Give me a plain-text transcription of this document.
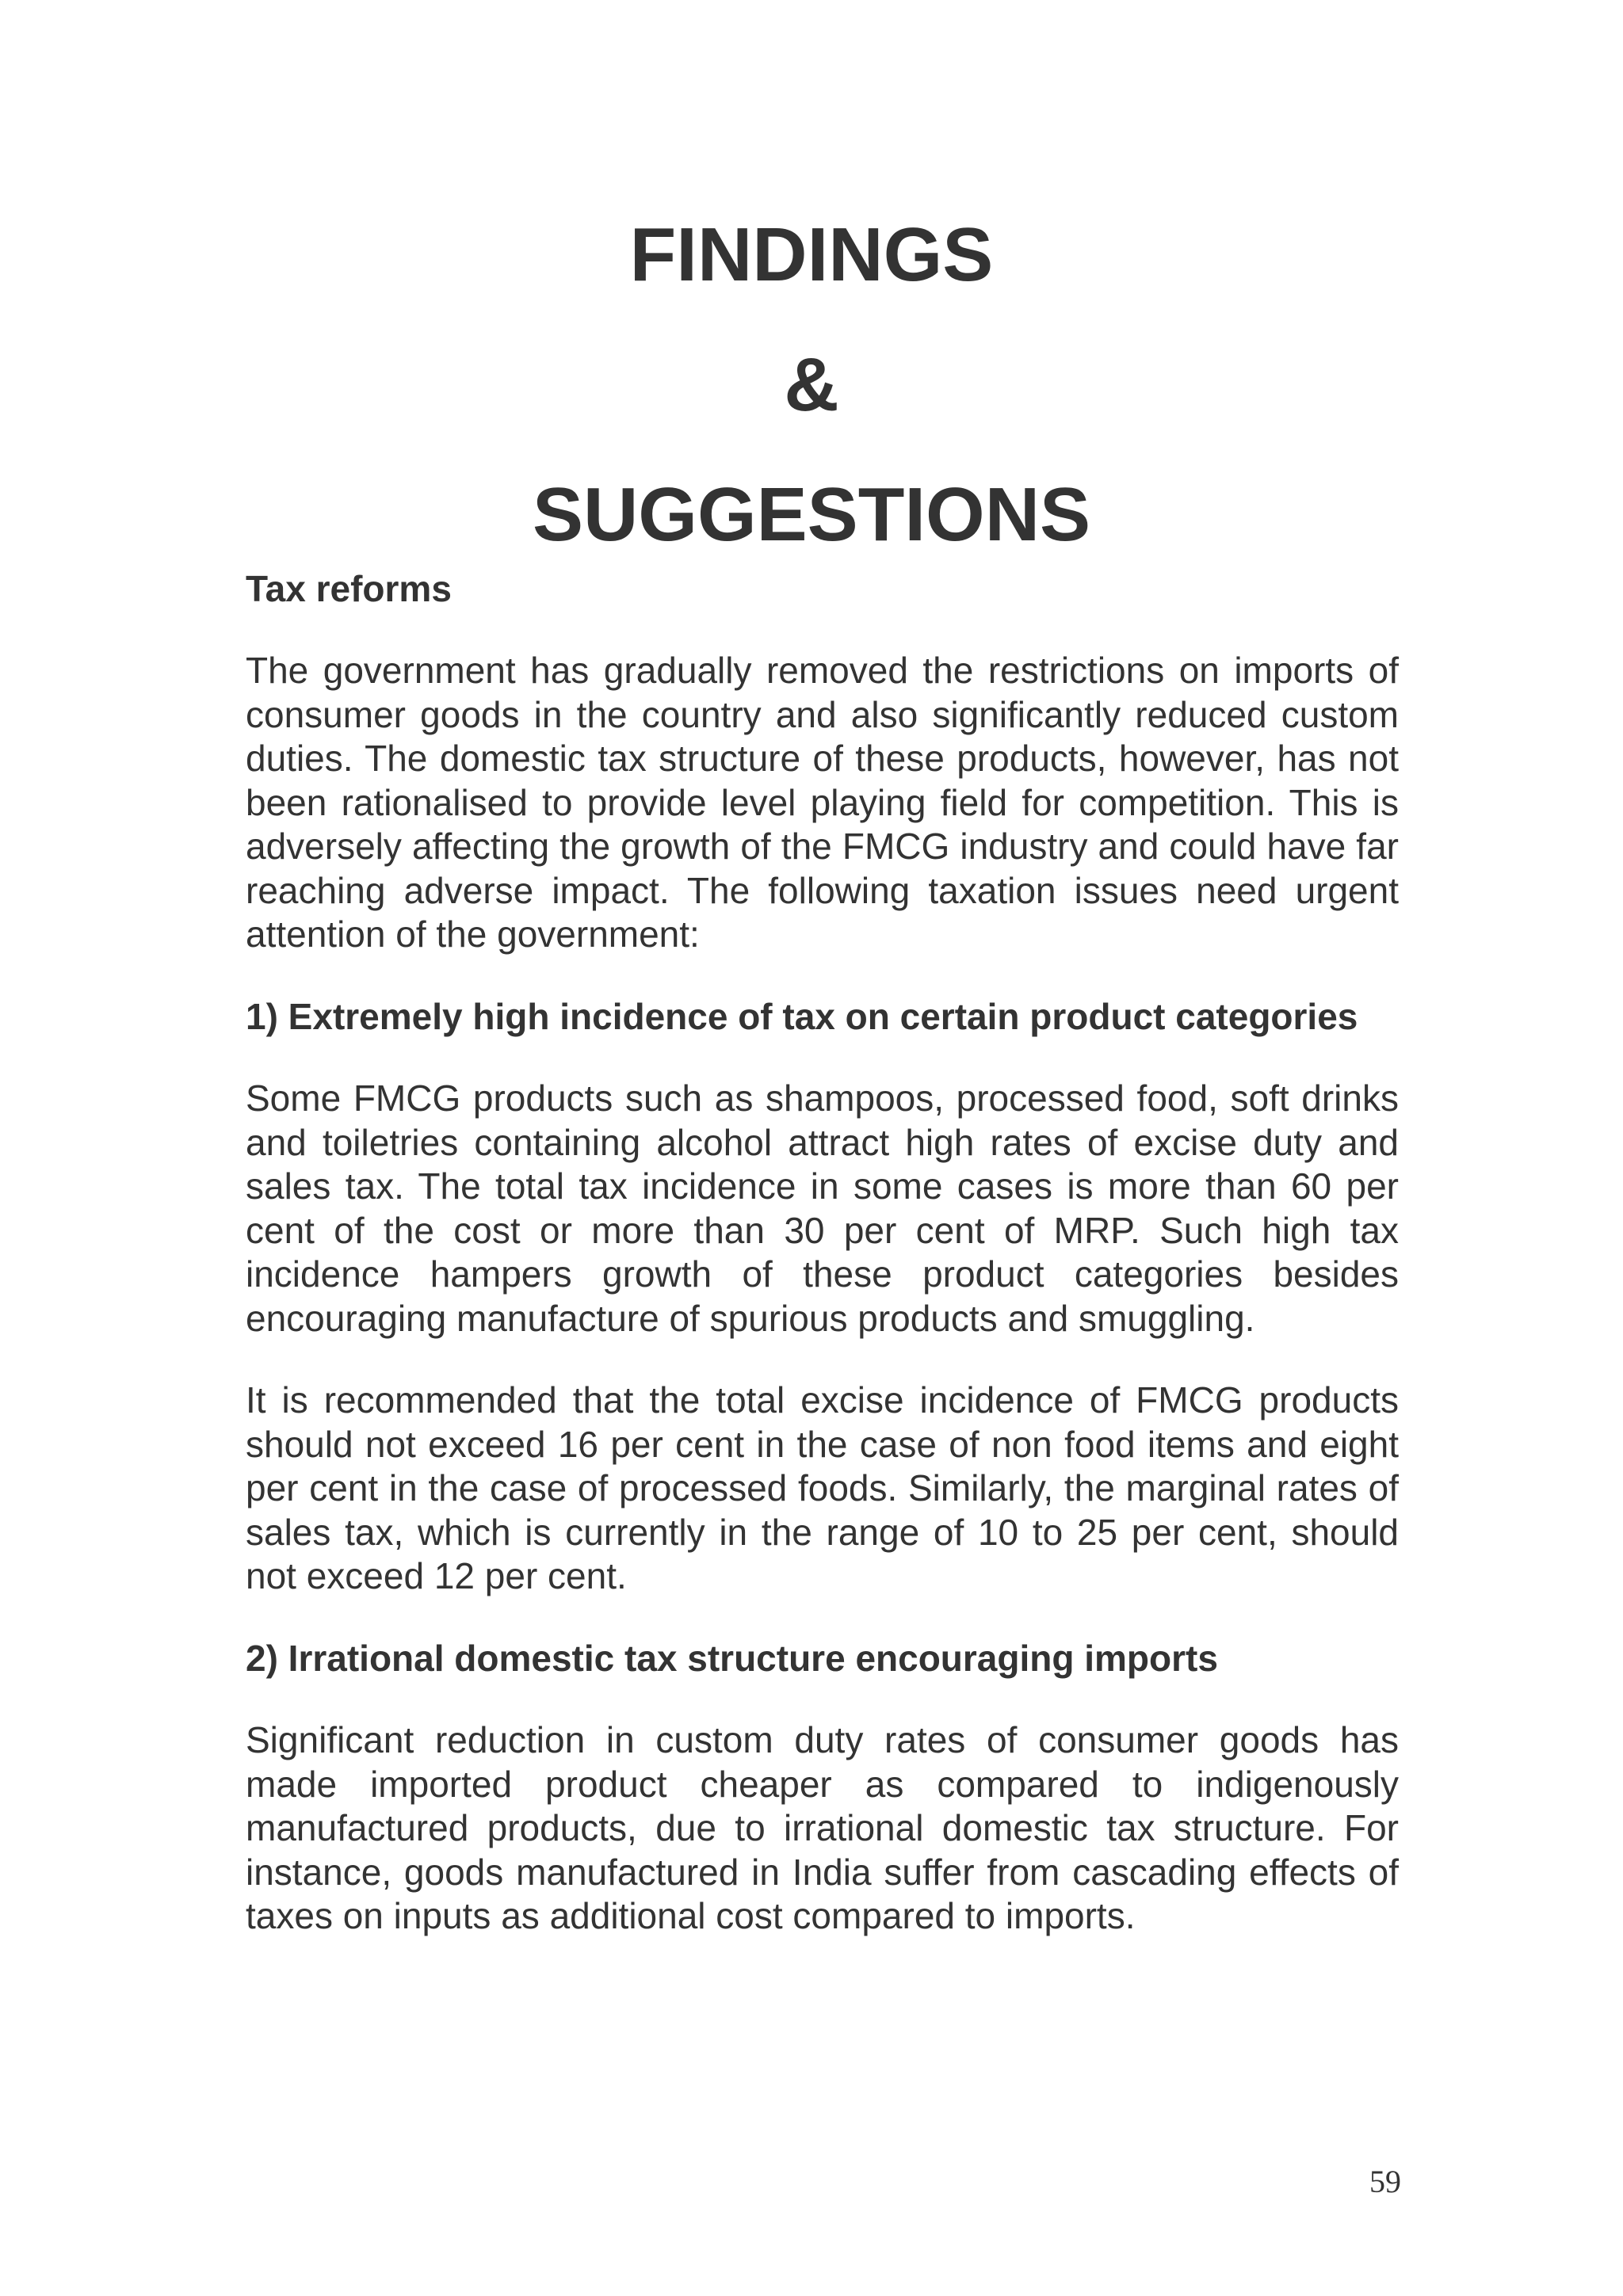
FINDINGS
&
SUGGESTIONS

Tax reforms

The government has gradually removed the restrictions on imports of consumer goods in the country and also significantly reduced custom duties. The domestic tax structure of these products, however, has not been rationalised to provide level playing field for competition. This is adversely affecting the growth of the FMCG industry and could have far reaching adverse impact. The following taxation issues need urgent attention of the government:

1) Extremely high incidence of tax on certain product categories

Some FMCG products such as shampoos, processed food, soft drinks and toiletries containing alcohol attract high rates of excise duty and sales tax. The total tax incidence in some cases is more than 60 per cent of the cost or more than 30 per cent of MRP. Such high tax incidence hampers growth of these product categories besides encouraging manufacture of spurious products and smuggling.

It is recommended that the total excise incidence of FMCG products should not exceed 16 per cent in the case of non food items and eight per cent in the case of processed foods. Similarly, the marginal rates of sales tax, which is currently in the range of 10 to 25 per cent, should not exceed 12 per cent.

2) Irrational domestic tax structure encouraging imports

Significant reduction in custom duty rates of consumer goods has made imported product cheaper as compared to indigenously manufactured products, due to irrational domestic tax structure. For instance, goods manufactured in India suffer from cascading effects of taxes on inputs as additional cost compared to imports.

59
